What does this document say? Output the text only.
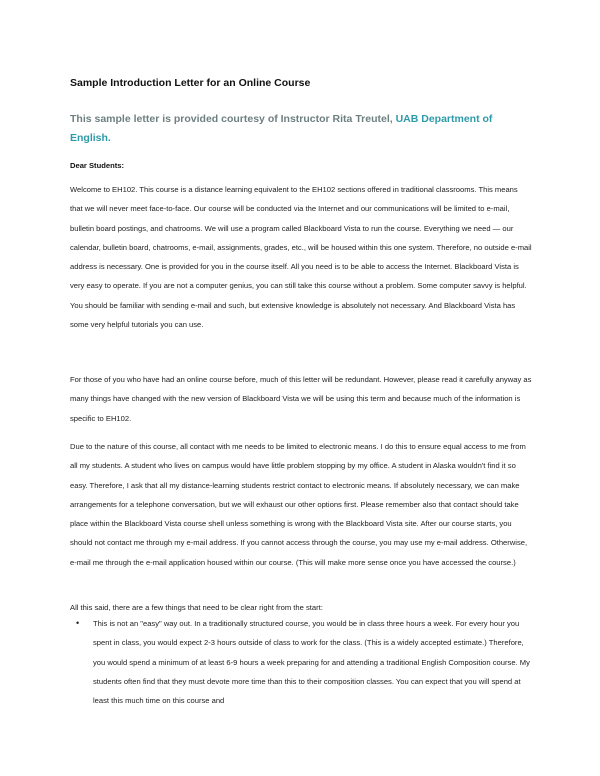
Sample Introduction Letter for an Online Course

This sample letter is provided courtesy of Instructor Rita Treutel, UAB Department of English.

Dear Students:

Welcome to EH102. This course is a distance learning equivalent to the EH102 sections offered in traditional classrooms. This means that we will never meet face-to-face. Our course will be conducted via the Internet and our communications will be limited to e-mail, bulletin board postings, and chatrooms. We will use a program called Blackboard Vista to run the course. Everything we need — our calendar, bulletin board, chatrooms, e-mail, assignments, grades, etc., will be housed within this one system. Therefore, no outside e-mail address is necessary. One is provided for you in the course itself. All you need is to be able to access the Internet. Blackboard Vista is very easy to operate. If you are not a computer genius, you can still take this course without a problem. Some computer savvy is helpful. You should be familiar with sending e-mail and such, but extensive knowledge is absolutely not necessary. And Blackboard Vista has some very helpful tutorials you can use.

For those of you who have had an online course before, much of this letter will be redundant. However, please read it carefully anyway as many things have changed with the new version of Blackboard Vista we will be using this term and because much of the information is specific to EH102.

Due to the nature of this course, all contact with me needs to be limited to electronic means. I do this to ensure equal access to me from all my students. A student who lives on campus would have little problem stopping by my office. A student in Alaska wouldn't find it so easy. Therefore, I ask that all my distance-learning students restrict contact to electronic means. If absolutely necessary, we can make arrangements for a telephone conversation, but we will exhaust our other options first. Please remember also that contact should take place within the Blackboard Vista course shell unless something is wrong with the Blackboard Vista site. After our course starts, you should not contact me through my e-mail address. If you cannot access through the course, you may use my e-mail address. Otherwise, e-mail me through the e-mail application housed within our course. (This will make more sense once you have accessed the course.)

All this said, there are a few things that need to be clear right from the start:

• This is not an "easy" way out. In a traditionally structured course, you would be in class three hours a week. For every hour you spent in class, you would expect 2-3 hours outside of class to work for the class. (This is a widely accepted estimate.) Therefore, you would spend a minimum of at least 6-9 hours a week preparing for and attending a traditional English Composition course. My students often find that they must devote more time than this to their composition classes. You can expect that you will spend at least this much time on this course and
